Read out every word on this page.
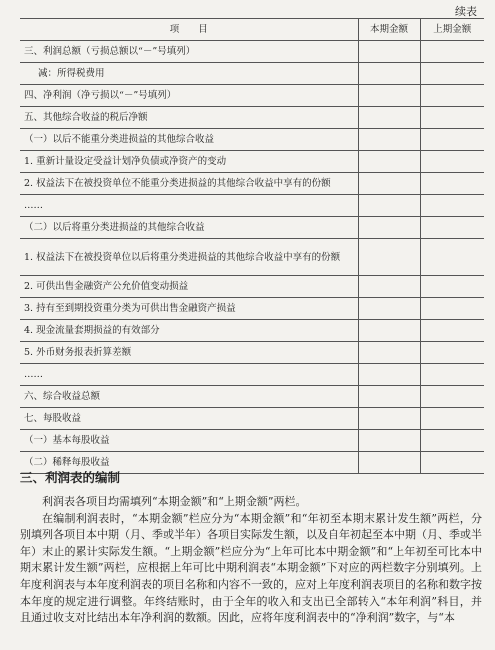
续表
项　　目	本期金额	上期金额
三、利润总额（亏损总额以“－”号填列）		
减：所得税费用		
四、净利润（净亏损以“－”号填列）		
五、其他综合收益的税后净额		
（一）以后不能重分类进损益的其他综合收益		
1. 重新计量设定受益计划净负债或净资产的变动		
2. 权益法下在被投资单位不能重分类进损益的其他综合收益中享有的份额		
……		
（二）以后将重分类进损益的其他综合收益		
1. 权益法下在被投资单位以后将重分类进损益的其他综合收益中享有的份额		
2. 可供出售金融资产公允价值变动损益		
3. 持有至到期投资重分类为可供出售金融资产损益		
4. 现金流量套期损益的有效部分		
5. 外币财务报表折算差额		
……		
六、综合收益总额		
七、每股收益		
（一）基本每股收益		
（二）稀释每股收益		
三、利润表的编制

利润表各项目均需填列“本期金额”和“上期金额”两栏。

在编制利润表时，“本期金额”栏应分为“本期金额”和“年初至本期末累计发生额”两栏，分别填列各项目本中期（月、季或半年）各项目实际发生额，以及自年初起至本中期（月、季或半年）末止的累计实际发生额。“上期金额”栏应分为“上年可比本中期金额”和“上年初至可比本中期末累计发生额”两栏，应根据上年可比中期利润表“本期金额”下对应的两栏数字分别填列。上年度利润表与本年度利润表的项目名称和内容不一致的，应对上年度利润表项目的名称和数字按本年度的规定进行调整。年终结账时，由于全年的收入和支出已全部转入“本年利润”科目，并且通过收支对比结出本年净利润的数额。因此，应将年度利润表中的“净利润”数字，与“本
